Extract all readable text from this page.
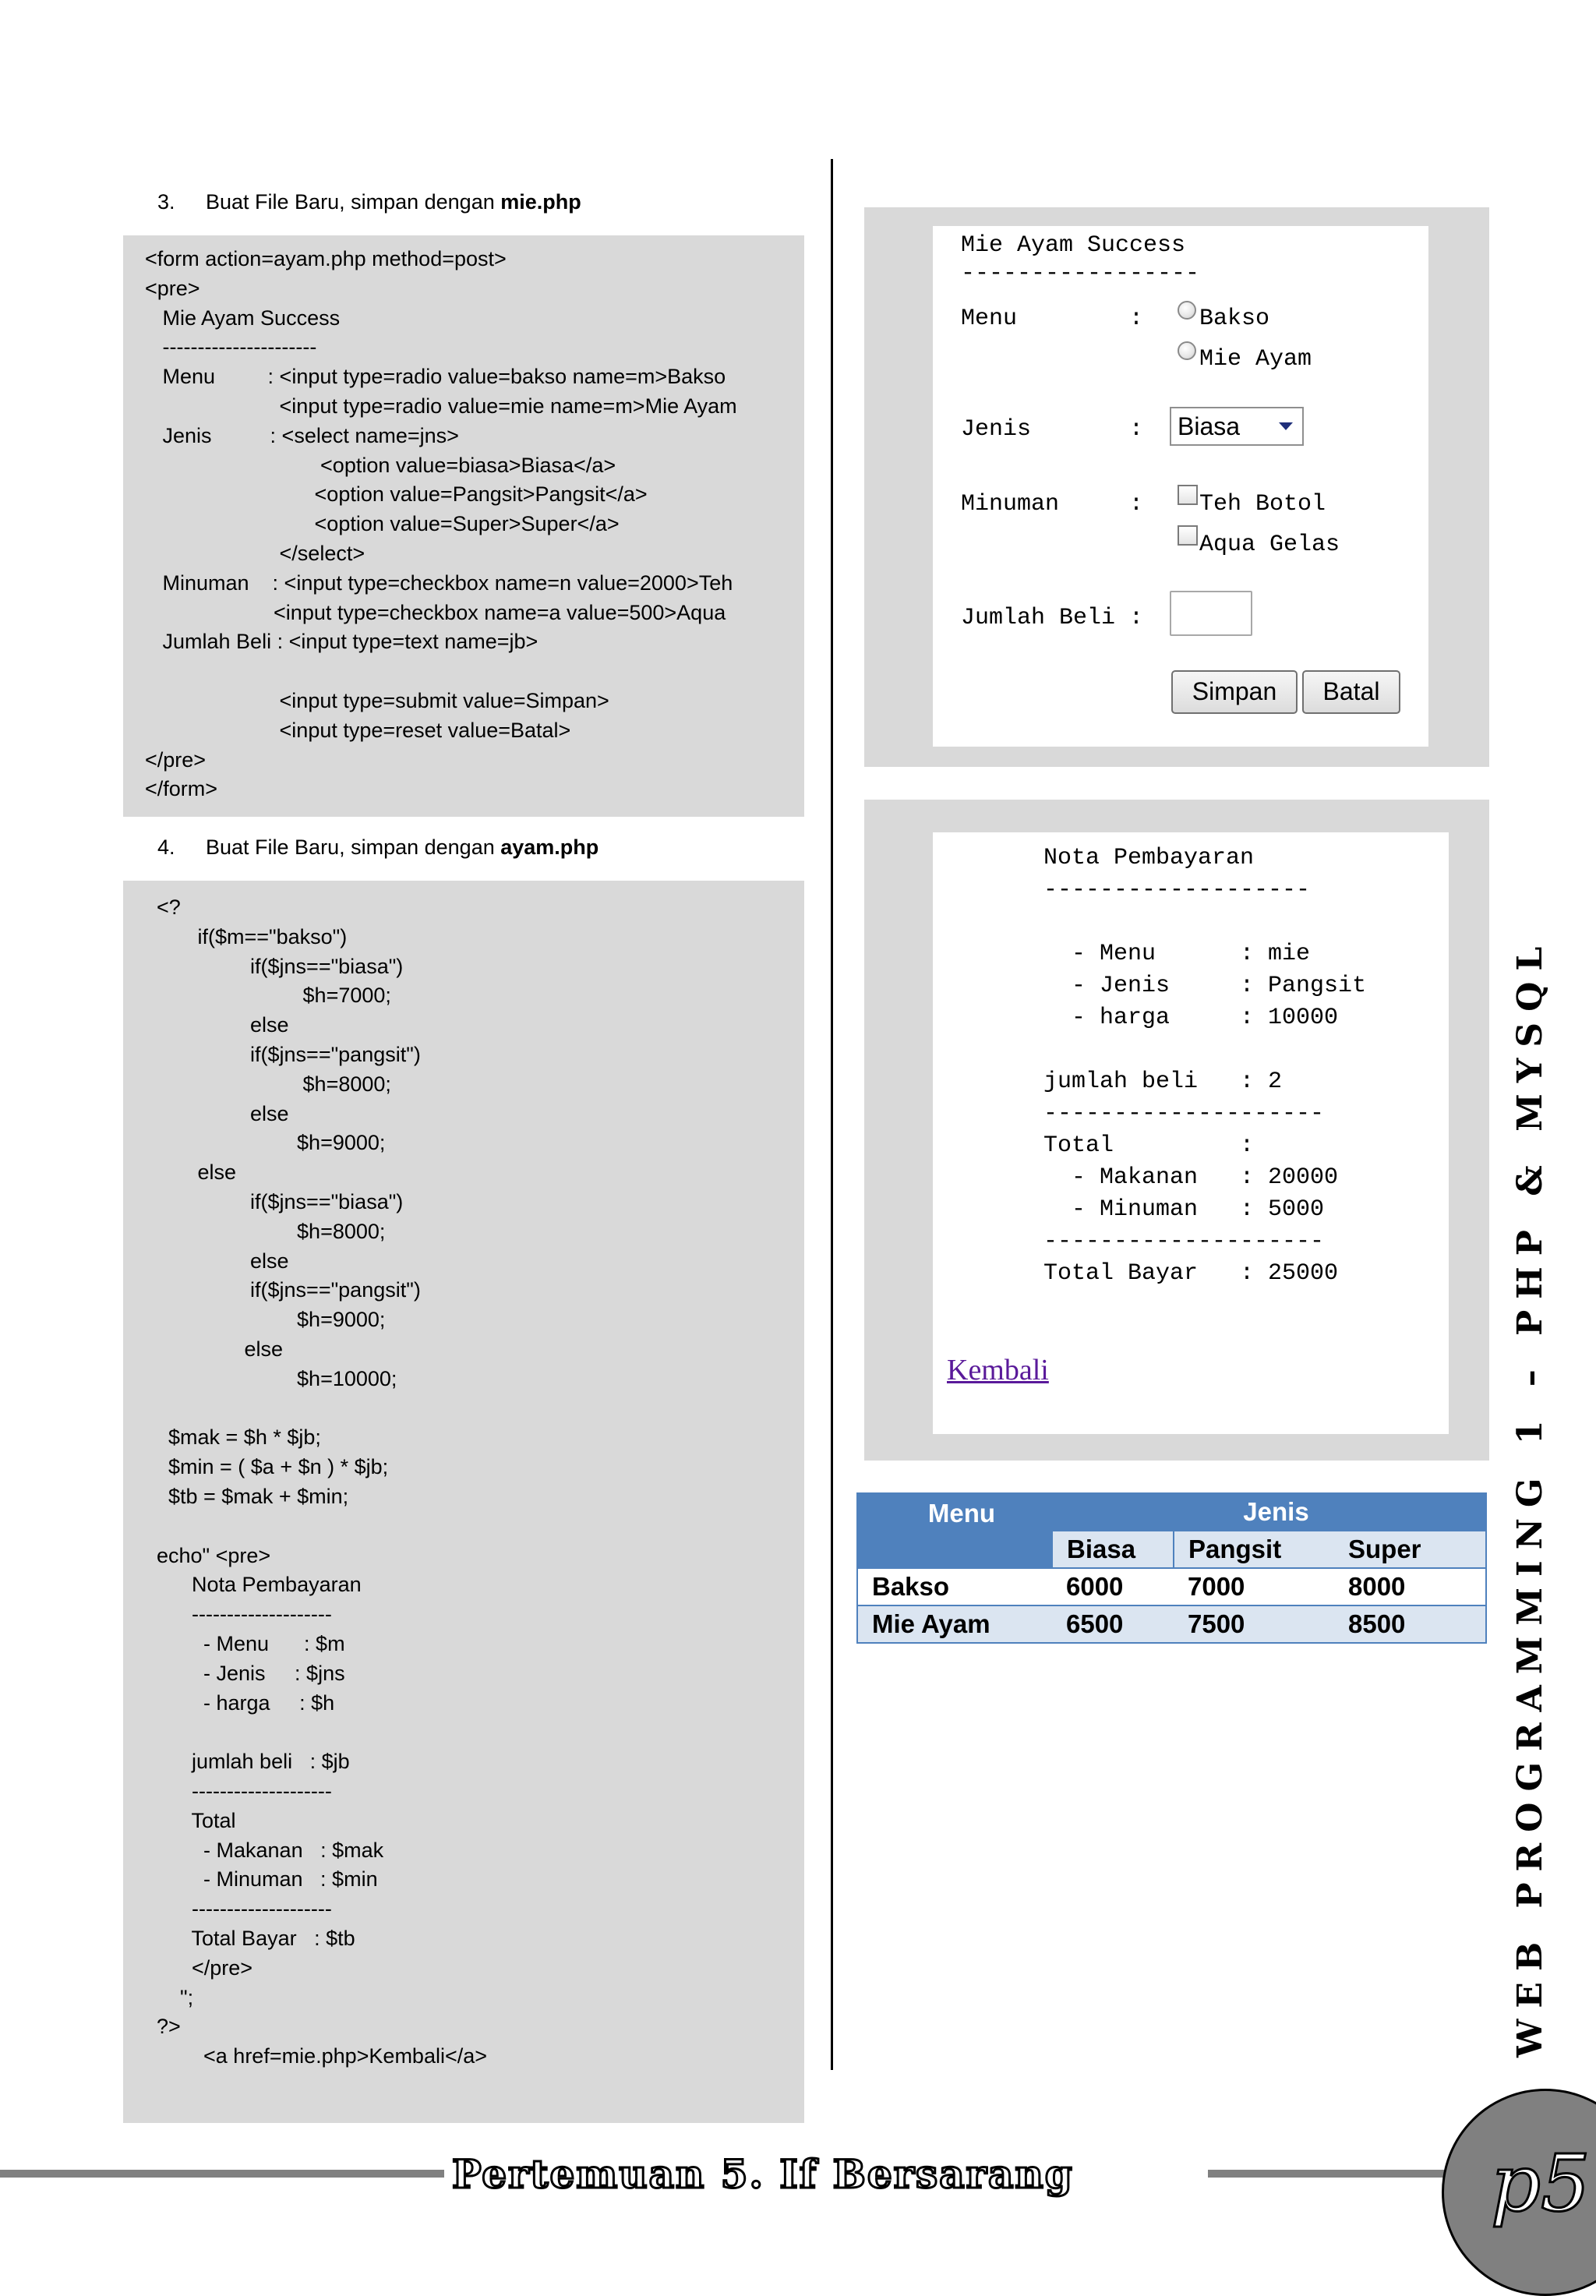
3.

Buat File Baru, simpan dengan mie.php

<form action=ayam.php method=post>
<pre>
Mie Ayam Success
----------------------
Menu         : <input type=radio value=bakso name=m>Bakso
<input type=radio value=mie name=m>Mie Ayam
Jenis          : <select name=jns>
<option value=biasa>Biasa</a>
<option value=Pangsit>Pangsit</a>
<option value=Super>Super</a>
</select>
Minuman    : <input type=checkbox name=n value=2000>Teh
<input type=checkbox name=a value=500>Aqua
Jumlah Beli : <input type=text name=jb>
<input type=submit value=Simpan>
<input type=reset value=Batal>
</pre>
</form>

4.

Buat File Baru, simpan dengan ayam.php

<?
if($m=="bakso")
if($jns=="biasa")
$h=7000;
else
if($jns=="pangsit")
$h=8000;
else
$h=9000;
else
if($jns=="biasa")
$h=8000;
else
if($jns=="pangsit")
$h=9000;
else
$h=10000;
$mak = $h * $jb;
$min = ( $a + $n ) * $jb;
$tb = $mak + $min;
echo" <pre>
Nota Pembayaran
--------------------
- Menu      : $m
- Jenis     : $jns
- harga     : $h
jumlah beli   : $jb
--------------------
Total
- Makanan   : $mak
- Minuman   : $min
--------------------
Total Bayar   : $tb
</pre>
";
?>
<a href=mie.php>Kembali</a>
Mie Ayam Success
-----------------
Menu        : Bakso
Mie Ayam
Jenis       : Biasa
Minuman     : Teh Botol
Aqua Gelas
Jumlah Beli :
Simpan	Batal
Nota Pembayaran
-------------------
- Menu      : mie
- Jenis     : Pangsit
- harga     : 10000
jumlah beli   : 2
--------------------
Total         :
- Makanan   : 20000
- Minuman   : 5000
--------------------
Total Bayar   : 25000
Kembali
Menu	Jenis		
	Biasa	Pangsit	Super
Bakso	6000	7000	8000
Mie Ayam	6500	7500	8500	WEB PROGRAMMING 1 – PHP & MYSQL
Pertemuan 5. If Bersarang	p5
